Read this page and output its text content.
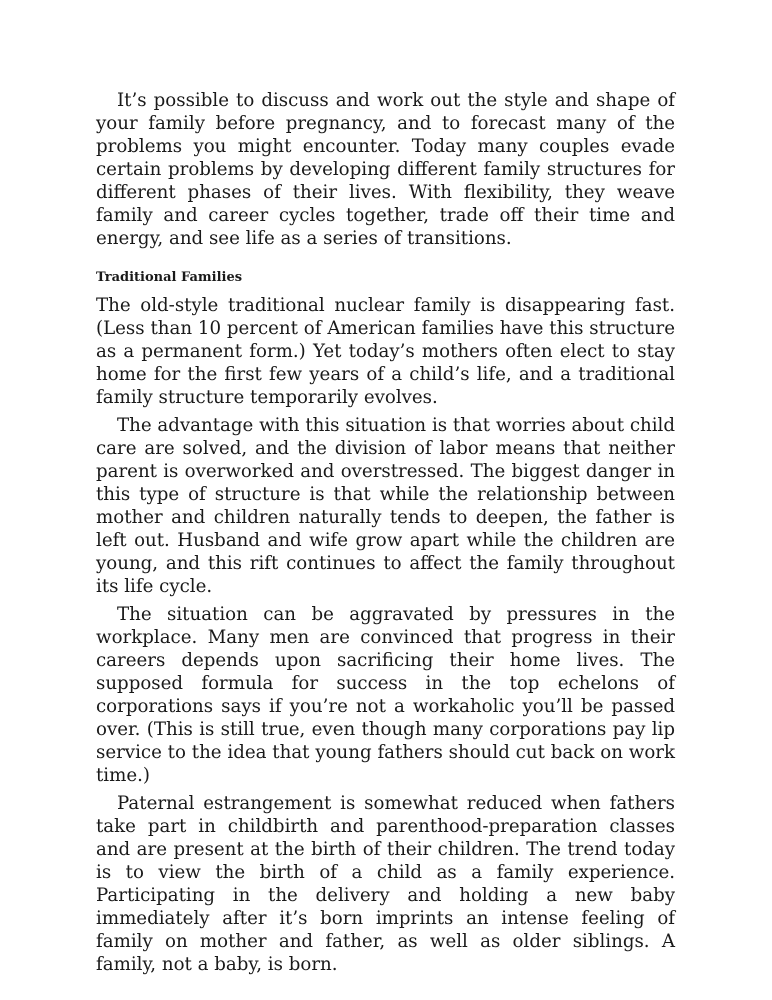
It’s possible to discuss and work out the style and shape of your family before pregnancy, and to forecast many of the problems you might encounter. Today many couples evade certain problems by developing different family structures for different phases of their lives. With flexibility, they weave family and career cycles together, trade off their time and energy, and see life as a series of transitions.

Traditional Families

The old-style traditional nuclear family is disappearing fast. (Less than 10 percent of American families have this structure as a permanent form.) Yet today’s mothers often elect to stay home for the first few years of a child’s life, and a traditional family structure temporarily evolves.

The advantage with this situation is that worries about child care are solved, and the division of labor means that neither parent is overworked and overstressed. The biggest danger in this type of structure is that while the relationship between mother and children naturally tends to deepen, the father is left out. Husband and wife grow apart while the children are young, and this rift continues to affect the family throughout its life cycle.

The situation can be aggravated by pressures in the workplace. Many men are convinced that progress in their careers depends upon sacrificing their home lives. The supposed formula for success in the top echelons of corporations says if you’re not a workaholic you’ll be passed over. (This is still true, even though many corporations pay lip service to the idea that young fathers should cut back on work time.)

Paternal estrangement is somewhat reduced when fathers take part in childbirth and parenthood-preparation classes and are present at the birth of their children. The trend today is to view the birth of a child as a family experience. Participating in the delivery and holding a new baby immediately after it’s born imprints an intense feeling of family on mother and father, as well as older siblings. A family, not a baby, is born.
